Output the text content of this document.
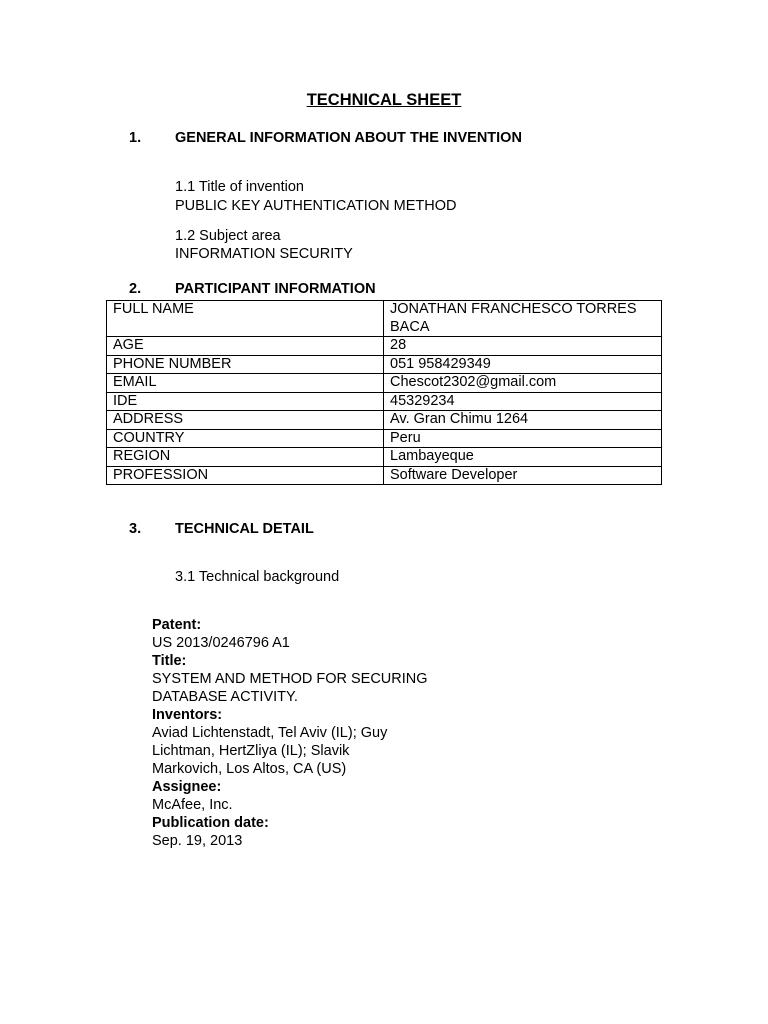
TECHNICAL SHEET
1. GENERAL INFORMATION ABOUT THE INVENTION
1.1 Title of invention
PUBLIC KEY AUTHENTICATION METHOD
1.2 Subject area
INFORMATION SECURITY
2. PARTICIPANT INFORMATION
FULL NAME	JONATHAN FRANCHESCO TORRES
BACA

AGE	28
PHONE NUMBER	051 958429349
EMAIL	Chescot2302@gmail.com
IDE	45329234
ADDRESS	Av. Gran Chimu 1264
COUNTRY	Peru
REGION	Lambayeque
PROFESSION	Software Developer
3. TECHNICAL DETAIL
3.1 Technical background
Patent:
US 2013/0246796 A1
Title:
SYSTEM AND METHOD FOR SECURING
DATABASE ACTIVITY.
Inventors:
Aviad Lichtenstadt, Tel Aviv (IL); Guy
Lichtman, HertZliya (IL); Slavik
Markovich, Los Altos, CA (US)
Assignee:
McAfee, Inc.
Publication date:
Sep. 19, 2013
